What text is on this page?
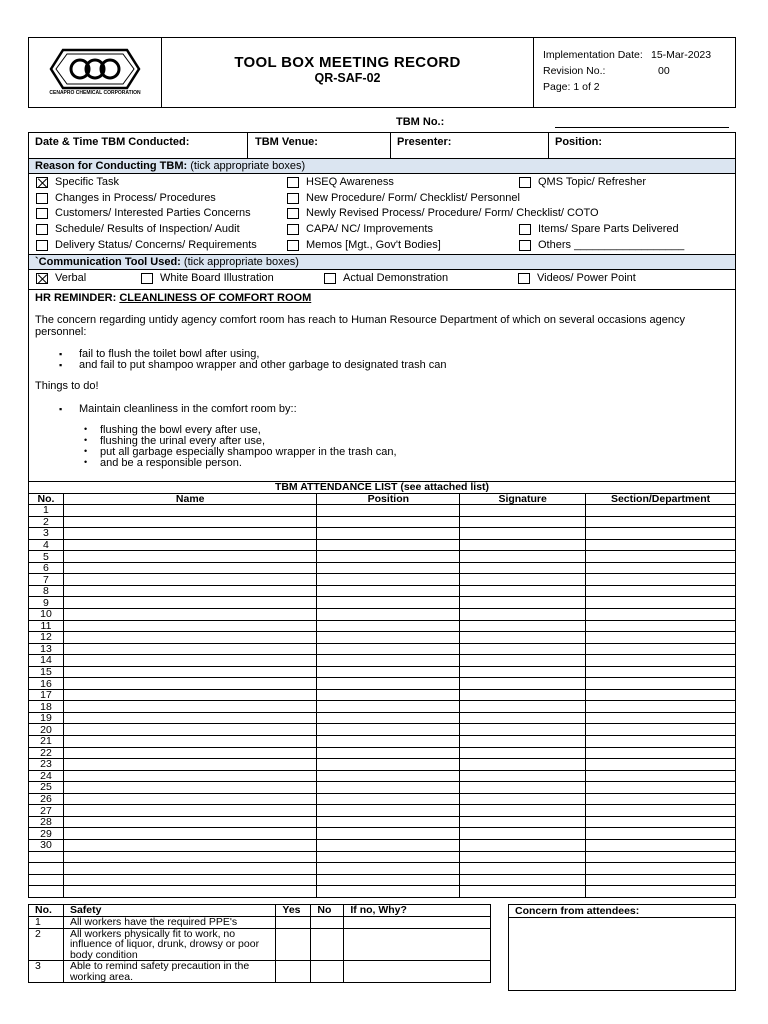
CENAPRO CHEMICAL CORPORATION
TOOL BOX MEETING RECORD
QR-SAF-02
Implementation Date: 15-Mar-2023
Revision No.:	00
Page: 1 of 2
TBM No.:
Date & Time TBM Conducted:	TBM Venue:	Presenter:	Position:
Reason for Conducting TBM: (tick appropriate boxes)
Specific Task	HSEQ Awareness	QMS Topic/ Refresher
Changes in Process/ Procedures	New Procedure/ Form/ Checklist/ Personnel
Customers/ Interested Parties Concerns	Newly Revised Process/ Procedure/ Form/ Checklist/ COTO
Schedule/ Results of Inspection/ Audit	CAPA/ NC/ Improvements	Items/ Spare Parts Delivered
Delivery Status/ Concerns/ Requirements	Memos [Mgt., Gov't Bodies]	Others __________________
`Communication Tool Used: (tick appropriate boxes)
Verbal	White Board Illustration	Actual Demonstration	Videos/ Power Point

HR REMINDER: CLEANLINESS OF COMFORT ROOM

The concern regarding untidy agency comfort room has reach to Human Resource Department of which on several occasions agency personnel:

▪ fail to flush the toilet bowl after using,
▪ and fail to put shampoo wrapper and other garbage to designated trash can

Things to do!

▪ Maintain cleanliness in the comfort room by::
• flushing the bowl every after use,
• flushing the urinal every after use,
• put all garbage especially shampoo wrapper in the trash can,
• and be a responsible person.
TBM ATTENDANCE LIST (see attached list)				
No.	Name	Position	Signature	Section/Department
1				
2				
3				
4				
5				
6				
7				
8				
9				
10				
11				
12				
13				
14				
15				
16				
17				
18				
19				
20				
21				
22				
23				
24				
25				
26				
27				
28				
29				
30				

No.	Safety	Yes	No	If no, Why?
1	All workers have the required PPE's			
2	All workers physically fit to work, no influence of liquor, drunk, drowsy or poor body condition			
3	Able to remind safety precaution in the working area.			
Concern from attendees:
